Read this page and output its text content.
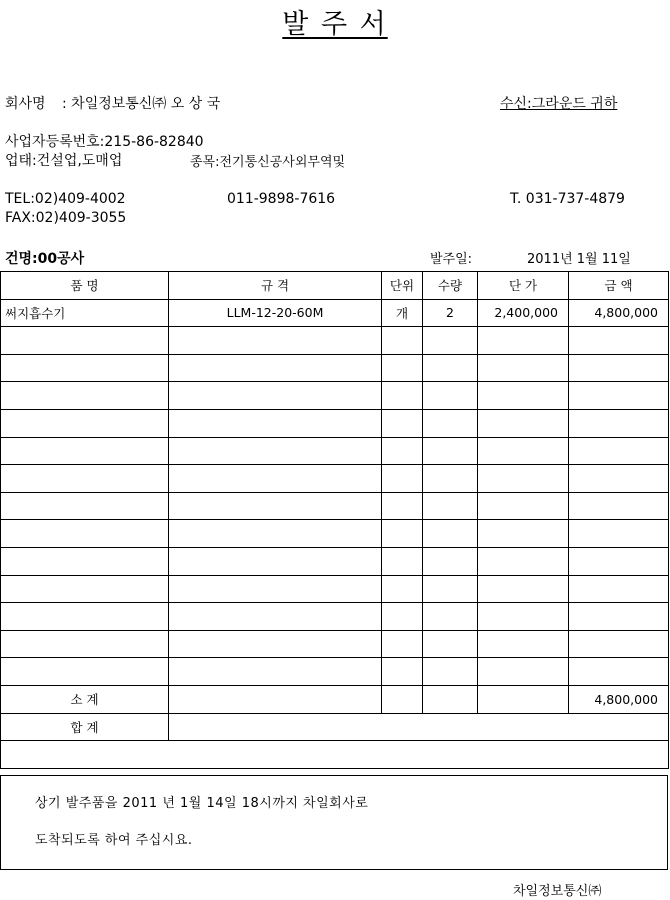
발 주 서
회사명 : 차일정보통신㈜ 오 상 국	수신:그라운드 귀하
사업자등록번호:215-86-82840
업태:건설업,도매업	종목:전기통신공사외무역및
TEL:02)409-4002	011-9898-7616	T. 031-737-4879
FAX:02)409-3055
건명:00공사	발주일:	2011년 1월 11일
품 명	규 격	단위	수량	단 가	금 액
써지흡수기	LLM-12-20-60M	개	2	2,400,000	4,800,000

소 계					4,800,000
합 계					

상기 발주품을 2011 년 1월 14일 18시까지 차일회사로
도착되도록 하여 주십시요.
차일정보통신㈜
